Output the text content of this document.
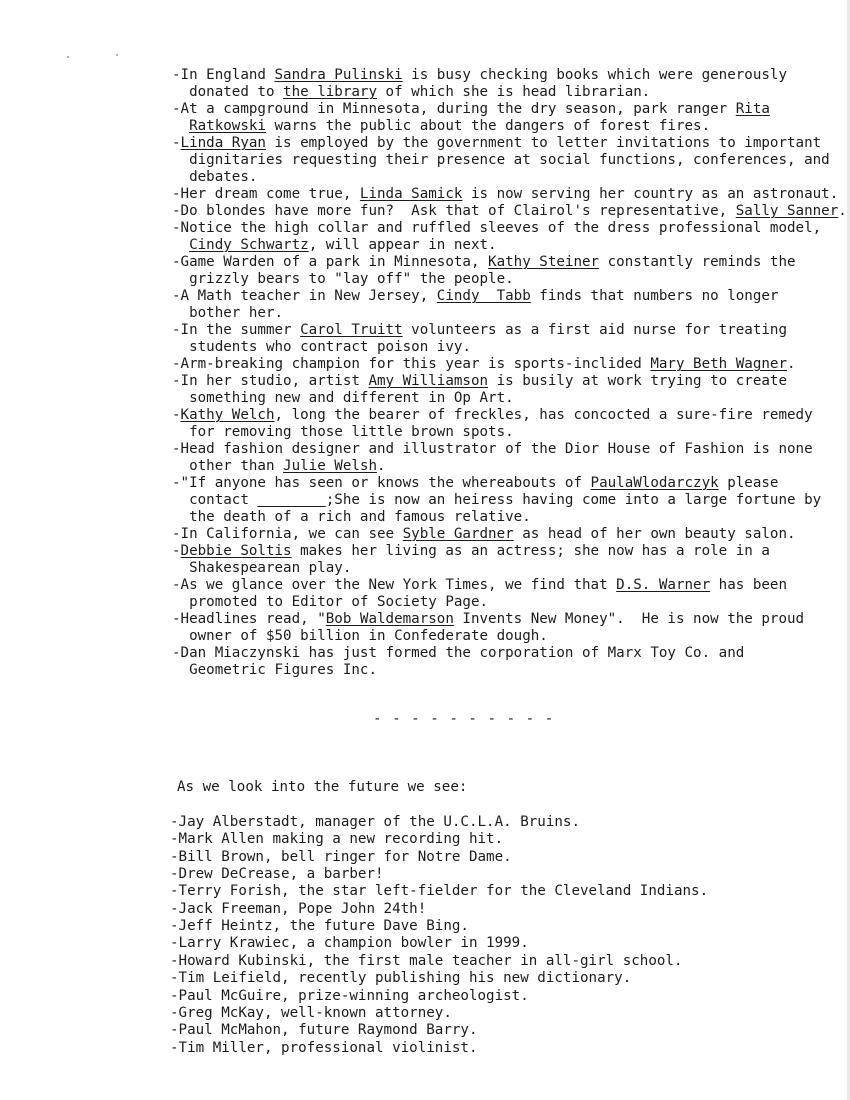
-In England Sandra Pulinski is busy checking books which were generously
donated to the library of which she is head librarian.
-At a campground in Minnesota, during the dry season, park ranger Rita
Ratkowski warns the public about the dangers of forest fires.
-Linda Ryan is employed by the government to letter invitations to important
dignitaries requesting their presence at social functions, conferences, and
debates.
-Her dream come true, Linda Samick is now serving her country as an astronaut.
-Do blondes have more fun?  Ask that of Clairol's representative, Sally Sanner.
-Notice the high collar and ruffled sleeves of the dress professional model,
Cindy Schwartz, will appear in next.
-Game Warden of a park in Minnesota, Kathy Steiner constantly reminds the
grizzly bears to "lay off" the people.
-A Math teacher in New Jersey, Cindy  Tabb finds that numbers no longer
bother her.
-In the summer Carol Truitt volunteers as a first aid nurse for treating
students who contract poison ivy.
-Arm-breaking champion for this year is sports-inclided Mary Beth Wagner.
-In her studio, artist Amy Williamson is busily at work trying to create
something new and different in Op Art.
-Kathy Welch, long the bearer of freckles, has concocted a sure-fire remedy
for removing those little brown spots.
-Head fashion designer and illustrator of the Dior House of Fashion is none
other than Julie Welsh.
-"If anyone has seen or knows the whereabouts of PaulaWlodarczyk please
contact	;She is now an heiress having come into a large fortune by
the death of a rich and famous relative.
-In California, we can see Syble Gardner as head of her own beauty salon.
-Debbie Soltis makes her living as an actress; she now has a role in a
Shakespearean play.
-As we glance over the New York Times, we find that D.S. Warner has been
promoted to Editor of Society Page.
-Headlines read, "Bob Waldemarson Invents New Money".  He is now the proud
owner of $50 billion in Confederate dough.
-Dan Miaczynski has just formed the corporation of Marx Toy Co. and
Geometric Figures Inc.
- - - - - - - - - -
As we look into the future we see:
-Jay Alberstadt, manager of the U.C.L.A. Bruins.
-Mark Allen making a new recording hit.
-Bill Brown, bell ringer for Notre Dame.
-Drew DeCrease, a barber!
-Terry Forish, the star left-fielder for the Cleveland Indians.
-Jack Freeman, Pope John 24th!
-Jeff Heintz, the future Dave Bing.
-Larry Krawiec, a champion bowler in 1999.
-Howard Kubinski, the first male teacher in all-girl school.
-Tim Leifield, recently publishing his new dictionary.
-Paul McGuire, prize-winning archeologist.
-Greg McKay, well-known attorney.
-Paul McMahon, future Raymond Barry.
-Tim Miller, professional violinist.
